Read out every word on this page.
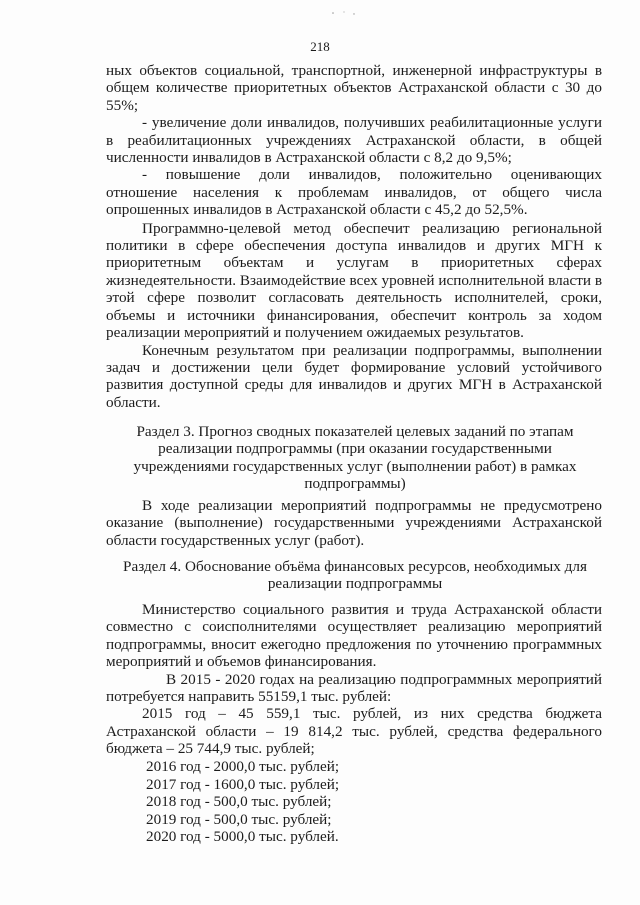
218

ных объектов социальной, транспортной, инженерной инфраструктуры в общем количестве приоритетных объектов Астраханской области с 30 до 55%;

- увеличение доли инвалидов, получивших реабилитационные услуги в реабилитационных учреждениях Астраханской области, в общей численности инвалидов в Астраханской области с 8,2 до 9,5%;

- повышение доли инвалидов, положительно оценивающих отношение населения к проблемам инвалидов, от общего числа опрошенных инвалидов в Астраханской области с 45,2 до 52,5%.

Программно-целевой метод обеспечит реализацию региональной политики в сфере обеспечения доступа инвалидов и других МГН к приоритетным объектам и услугам в приоритетных сферах жизнедеятельности. Взаимодействие всех уровней исполнительной власти в этой сфере позволит согласовать деятельность исполнителей, сроки, объемы и источники финансирования, обеспечит контроль за ходом реализации мероприятий и получением ожидаемых результатов.

Конечным результатом при реализации подпрограммы, выполнении задач и достижении цели будет формирование условий устойчивого развития доступной среды для инвалидов и других МГН в Астраханской области.

Раздел 3. Прогноз сводных показателей целевых заданий по этапам реализации подпрограммы (при оказании государственными учреждениями государственных услуг (выполнении работ) в рамках подпрограммы)

В ходе реализации мероприятий подпрограммы не предусмотрено оказание (выполнение) государственными учреждениями Астраханской области государственных услуг (работ).

Раздел 4. Обоснование объёма финансовых ресурсов, необходимых для реализации подпрограммы

Министерство социального развития и труда Астраханской области совместно с соисполнителями осуществляет реализацию мероприятий подпрограммы, вносит ежегодно предложения по уточнению программных мероприятий и объемов финансирования.

В 2015 - 2020 годах на реализацию подпрограммных мероприятий потребуется направить 55159,1 тыс. рублей:

2015 год – 45 559,1 тыс. рублей, из них средства бюджета Астраханской области – 19 814,2 тыс. рублей, средства федерального бюджета – 25 744,9 тыс. рублей;

2016 год - 2000,0 тыс. рублей;
2017 год - 1600,0 тыс. рублей;
2018 год - 500,0 тыс. рублей;
2019 год - 500,0 тыс. рублей;
2020 год - 5000,0 тыс. рублей.
